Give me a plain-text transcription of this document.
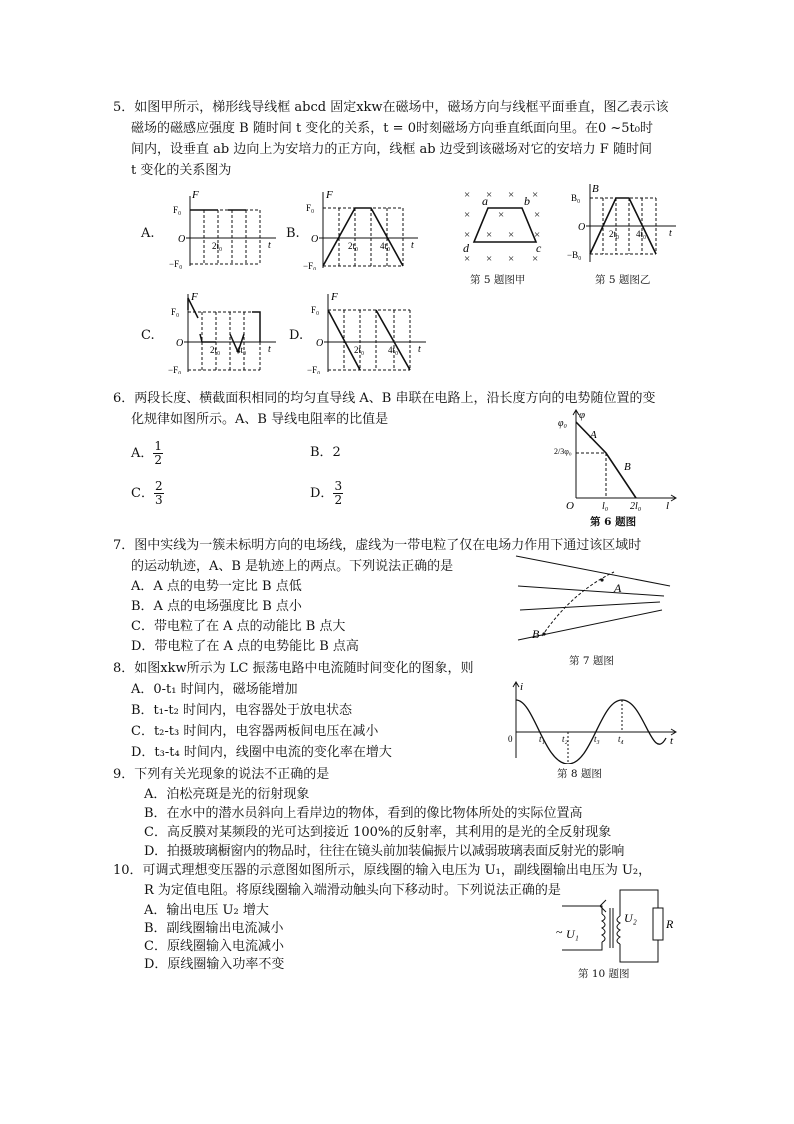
5．如图甲所示，梯形线导线框 abcd 固定xkw在磁场中，磁场方向与线框平面垂直，图乙表示该
磁场的磁感应强度 B 随时间 t 变化的关系，t = 0时刻磁场方向垂直纸面向里。在0 ~5t₀时
间内，设垂直 ab 边向上为安培力的正方向，线框 ab 边受到该磁场对它的安培力 F 随时间
t 变化的关系图为
A.
F
F₀
O
−F₀
2t₀	t
B.
F
F₀
O
−F₀
2t₀ 4t₀ t
× × × ×
×	×	×
× × × ×
× × × ×
a	b
c
d
第 5 题图甲
B
B₀
O
−B₀
2t₀ 4t₀ t
第 5 题图乙
C.
F
F₀
O
−F₀
2t₀ 4t₀ t
D.
F
F₀
O
−F₀
2t₀	4t₀ t
6．两段长度、横截面积相同的均匀直导线 A、B 串联在电路上，沿长度方向的电势随位置的变
化规律如图所示。A、B 导线电阻率的比值是
A． $\frac{1}{2}$	B．2
C． $\frac{2}{3}$	D． $\frac{3}{2}$
φ
φ₀
2/3φ₀
A
B
O	l₀ 2l₀ l
第 6 题图
7．图中实线为一簇未标明方向的电场线，虚线为一带电粒了仅在电场力作用下通过该区域时
的运动轨迹，A、B 是轨迹上的两点。下列说法正确的是
A．A 点的电势一定比 B 点低
B．A 点的电场强度比 B 点小
C．带电粒了在 A 点的动能比 B 点大
D．带电粒了在 A 点的电势能比 B 点高
A
B
第 7 题图
8．如图xkw所示为 LC 振荡电路中电流随时间变化的图象，则
A．0-t₁ 时间内，磁场能增加
B．t₁-t₂ 时间内，电容器处于放电状态
C．t₂-t₃ 时间内，电容器两板间电压在减小
D．t₃-t₄ 时间内，线圈中电流的变化率在增大
i
0	t₁ t₂	t₃ t₄	t
第 8 题图
9．下列有关光现象的说法不正确的是
A．泊松亮斑是光的衍射现象
B．在水中的潜水员斜向上看岸边的物体，看到的像比物体所处的实际位置高
C．高反膜对某频段的光可达到接近 100%的反射率，其利用的是光的全反射现象
D．拍摄玻璃橱窗内的物品时，往往在镜头前加装偏振片以减弱玻璃表面反射光的影响
10．可调式理想变压器的示意图如图所示，原线圈的输入电压为 U₁，副线圈输出电压为 U₂，
R 为定值电阻。将原线圈输入端滑动触头向下移动时。下列说法正确的是
A．输出电压 U₂ 增大
B．副线圈输出电流减小
C．原线圈输入电流减小
D．原线圈输入功率不变
~ U₁
U₂ R
第 10 题图
